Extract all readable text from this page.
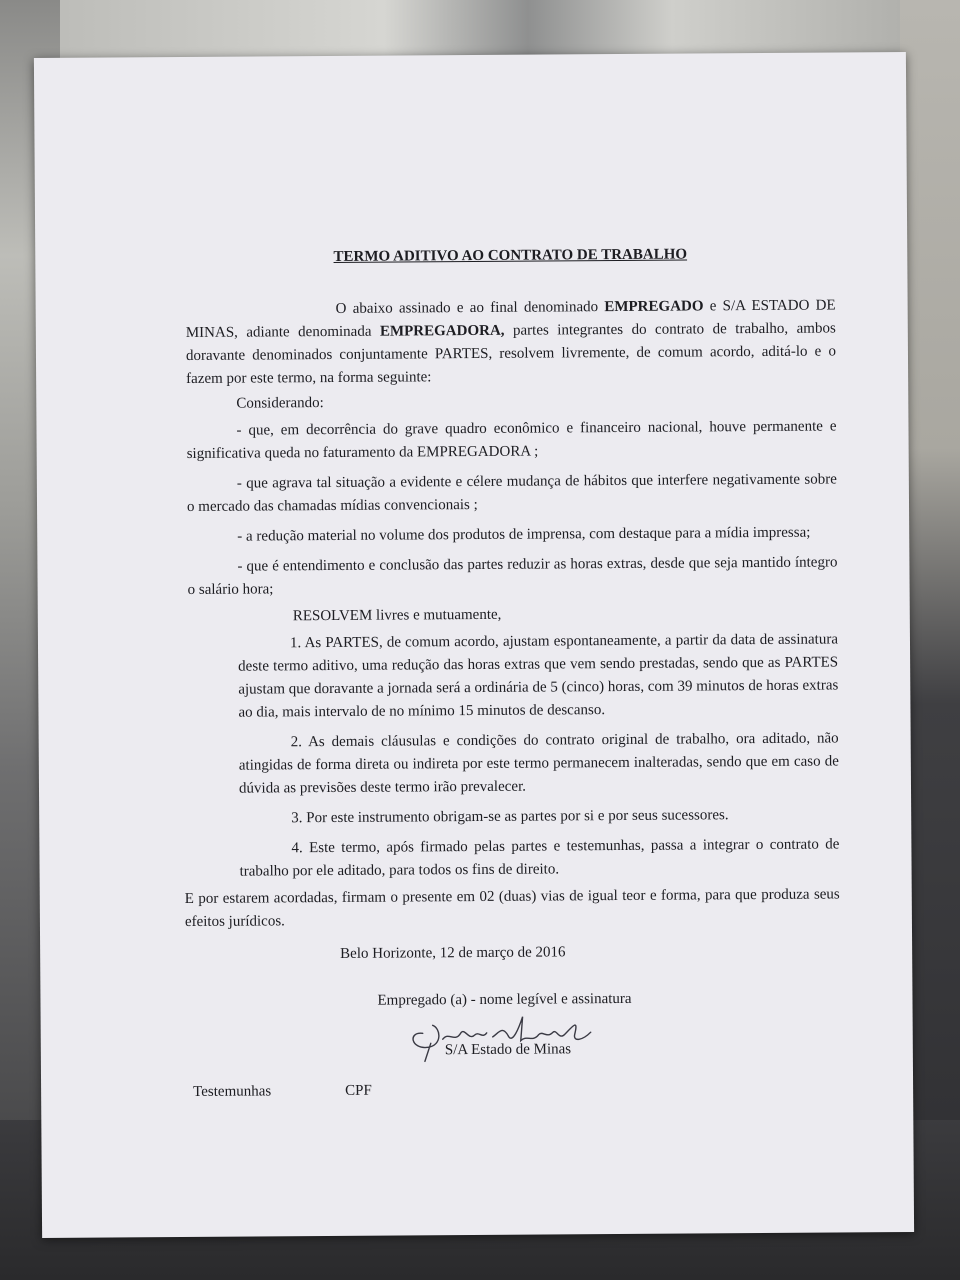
TERMO ADITIVO AO CONTRATO DE TRABALHO

O abaixo assinado e ao final denominado EMPREGADO e S/A ESTADO DE MINAS, adiante denominada EMPREGADORA, partes integrantes do contrato de trabalho, ambos doravante denominados conjuntamente PARTES, resolvem livremente, de comum acordo, aditá-lo e o fazem por este termo, na forma seguinte:

Considerando:

- que, em decorrência do grave quadro econômico e financeiro nacional, houve permanente e significativa queda no faturamento da EMPREGADORA ;

- que agrava tal situação a evidente e célere mudança de hábitos que interfere negativamente sobre o mercado das chamadas mídias convencionais ;

- a redução material no volume dos produtos de imprensa, com destaque para a mídia impressa;

- que é entendimento e conclusão das partes reduzir as horas extras, desde que seja mantido íntegro o salário hora;

RESOLVEM livres e mutuamente,

1. As PARTES, de comum acordo, ajustam espontaneamente, a partir da data de assinatura deste termo aditivo, uma redução das horas extras que vem sendo prestadas, sendo que as PARTES ajustam que doravante a jornada será a ordinária de 5 (cinco) horas, com 39 minutos de horas extras ao dia, mais intervalo de no mínimo 15 minutos de descanso.

2. As demais cláusulas e condições do contrato original de trabalho, ora aditado, não atingidas de forma direta ou indireta por este termo permanecem inalteradas, sendo que em caso de dúvida as previsões deste termo irão prevalecer.

3. Por este instrumento obrigam-se as partes por si e por seus sucessores.

4. Este termo, após firmado pelas partes e testemunhas, passa a integrar o contrato de trabalho por ele aditado, para todos os fins de direito.

E por estarem acordadas, firmam o presente em 02 (duas) vias de igual teor e forma, para que produza seus efeitos jurídicos.

Belo Horizonte, 12 de março de 2016

Empregado (a) - nome legível e assinatura
S/A Estado de Minas
Testemunhas	CPF
